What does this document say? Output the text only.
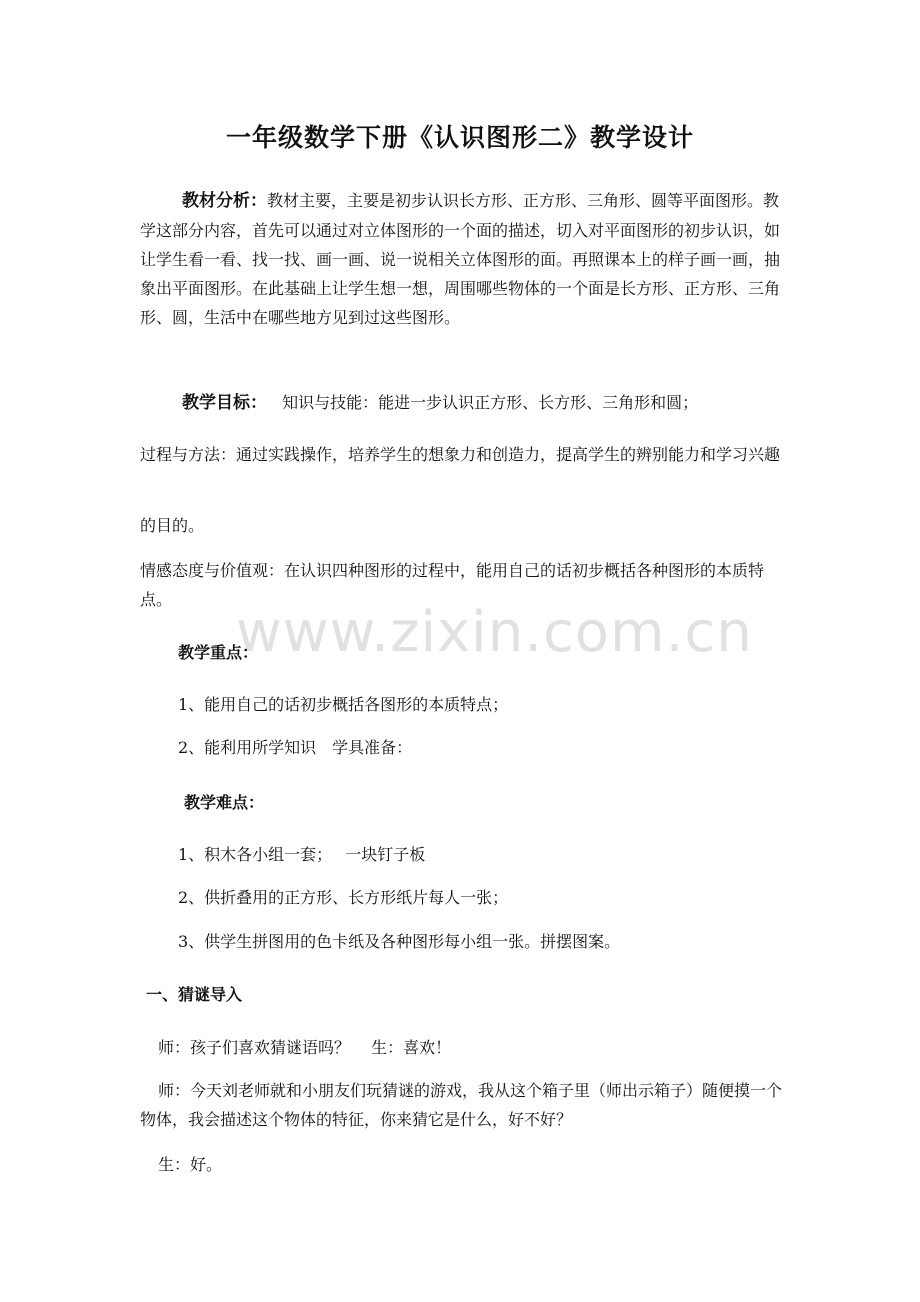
一年级数学下册《认识图形二》教学设计
教材分析：教材主要，主要是初步认识长方形、正方形、三角形、圆等平面图形。教学这部分内容，首先可以通过对立体图形的一个面的描述，切入对平面图形的初步认识，如让学生看一看、找一找、画一画、说一说相关立体图形的面。再照课本上的样子画一画，抽象出平面图形。在此基础上让学生想一想，周围哪些物体的一个面是长方形、正方形、三角形、圆，生活中在哪些地方见到过这些图形。
教学目标： 知识与技能：能进一步认识正方形、长方形、三角形和圆；
过程与方法：通过实践操作，培养学生的想象力和创造力，提高学生的辨别能力和学习兴趣
的目的。
情感态度与价值观：在认识四种图形的过程中，能用自己的话初步概括各种图形的本质特点。
www.zixin.com.cn
教学重点：
1、能用自己的话初步概括各图形的本质特点；
2、能利用所学知识　学具准备：
教学难点：
1、积木各小组一套；　 一块钉子板
2、供折叠用的正方形、长方形纸片每人一张；
3、供学生拼图用的色卡纸及各种图形每小组一张。拼摆图案。
一、猜谜导入
师：孩子们喜欢猜谜语吗？　 生：喜欢！
师：今天刘老师就和小朋友们玩猜谜的游戏，我从这个箱子里（师出示箱子）随便摸一个物体，我会描述这个物体的特征，你来猜它是什么，好不好？
生：好。
